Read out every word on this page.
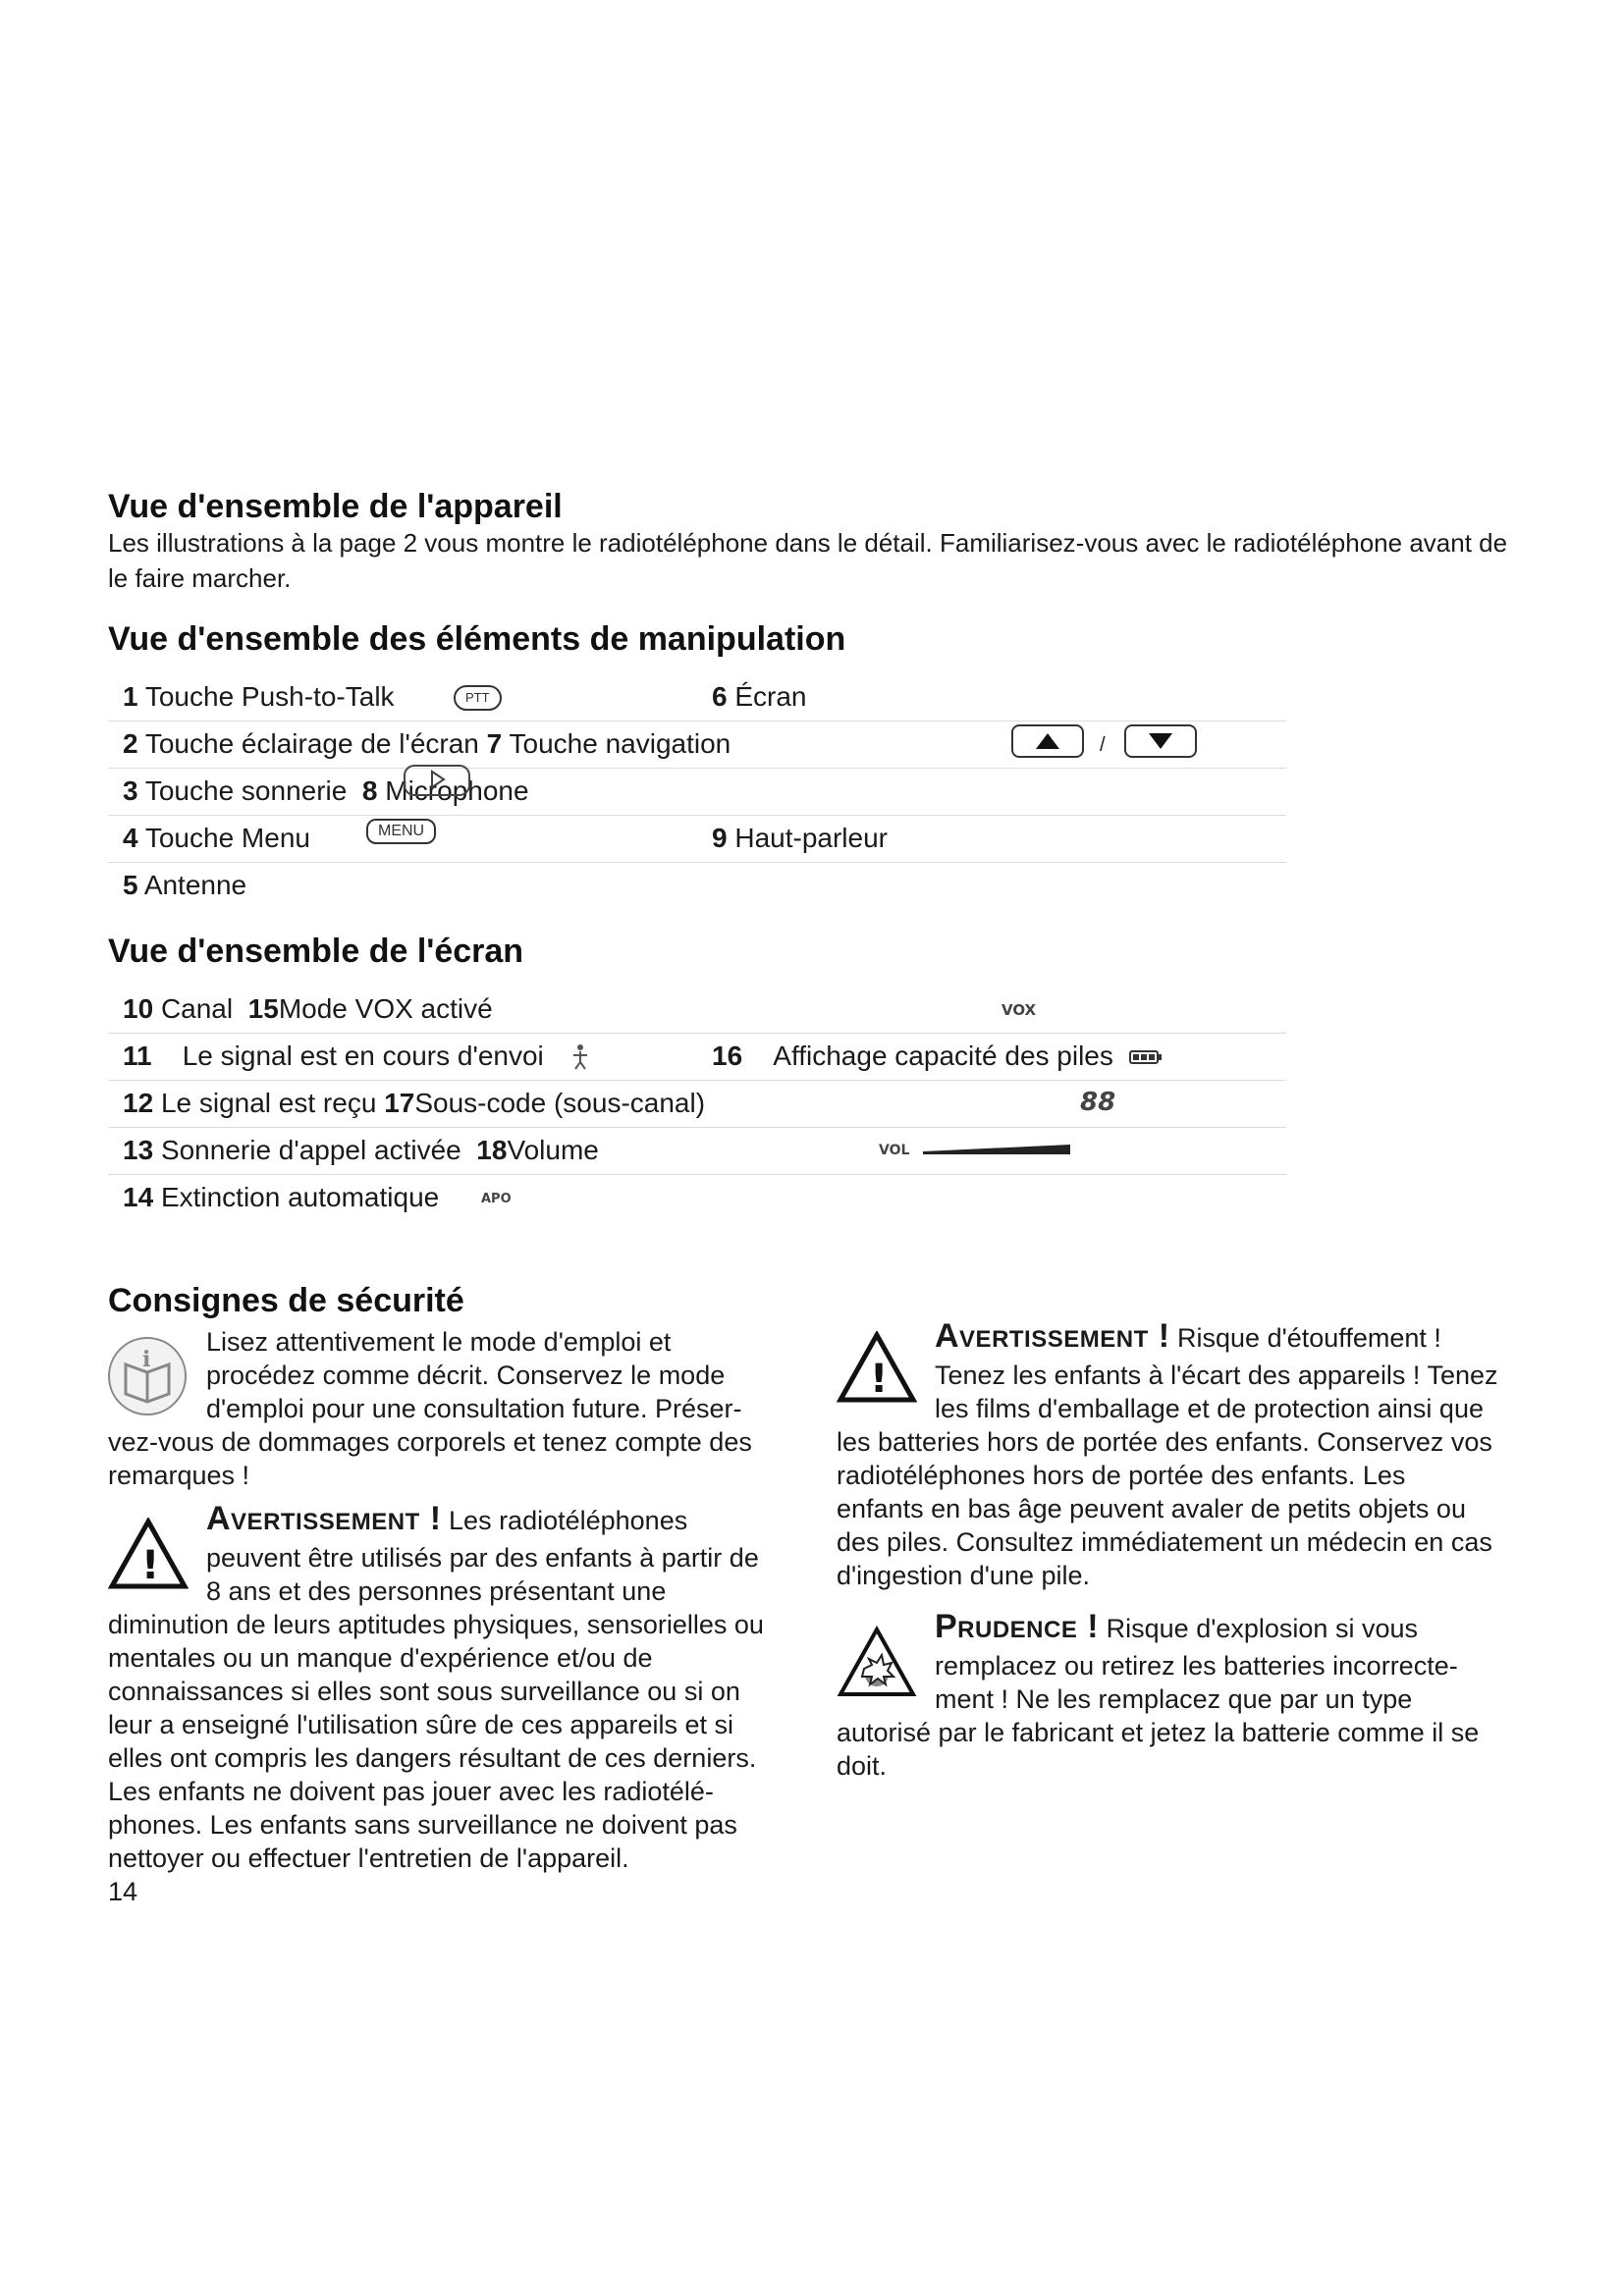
Vue d'ensemble de l'appareil

Les illustrations à la page 2 vous montre le radiotéléphone dans le détail. Familiarisez-vous avec le radiotéléphone avant de le faire marcher.

Vue d'ensemble des éléments de manipulation
1 Touche Push-to-Talk	PTT	6 Écran
2 Touche éclairage de l'écran 7 Touche navigation	/
3 Touche sonnerie 8 Microphone
4 Touche Menu	MENU	9 Haut-parleur
5 Antenne
Vue d'ensemble de l'écran
10 Canal 15Mode VOX activé	VOX
11 Le signal est en cours d'envoi	16 Affichage capacité des piles
12 Le signal est reçu 17Sous-code (sous-canal)	88
13 Sonnerie d'appel activée 18Volume	VOL
14 Extinction automatique	APO
Consignes de sécurité
i

Lisez attentivement le mode d'emploi et

procédez comme décrit. Conservez le mode

d'emploi pour une consultation future. Préser-

vez-vous de dommages corporels et tenez compte des

remarques !

!

Avertissement ! Les radiotéléphones

peuvent être utilisés par des enfants à partir de

8 ans et des personnes présentant une

diminution de leurs aptitudes physiques, sensorielles ou

mentales ou un manque d'expérience et/ou de

connaissances si elles sont sous surveillance ou si on

leur a enseigné l'utilisation sûre de ces appareils et si

elles ont compris les dangers résultant de ces derniers.

Les enfants ne doivent pas jouer avec les radiotélé-

phones. Les enfants sans surveillance ne doivent pas

nettoyer ou effectuer l'entretien de l'appareil.

14

!

Avertissement ! Risque d'étouffement !

Tenez les enfants à l'écart des appareils ! Tenez

les films d'emballage et de protection ainsi que

les batteries hors de portée des enfants. Conservez vos

radiotéléphones hors de portée des enfants. Les

enfants en bas âge peuvent avaler de petits objets ou

des piles. Consultez immédiatement un médecin en cas

d'ingestion d'une pile.

Prudence ! Risque d'explosion si vous

remplacez ou retirez les batteries incorrecte-

ment ! Ne les remplacez que par un type

autorisé par le fabricant et jetez la batterie comme il se

doit.
